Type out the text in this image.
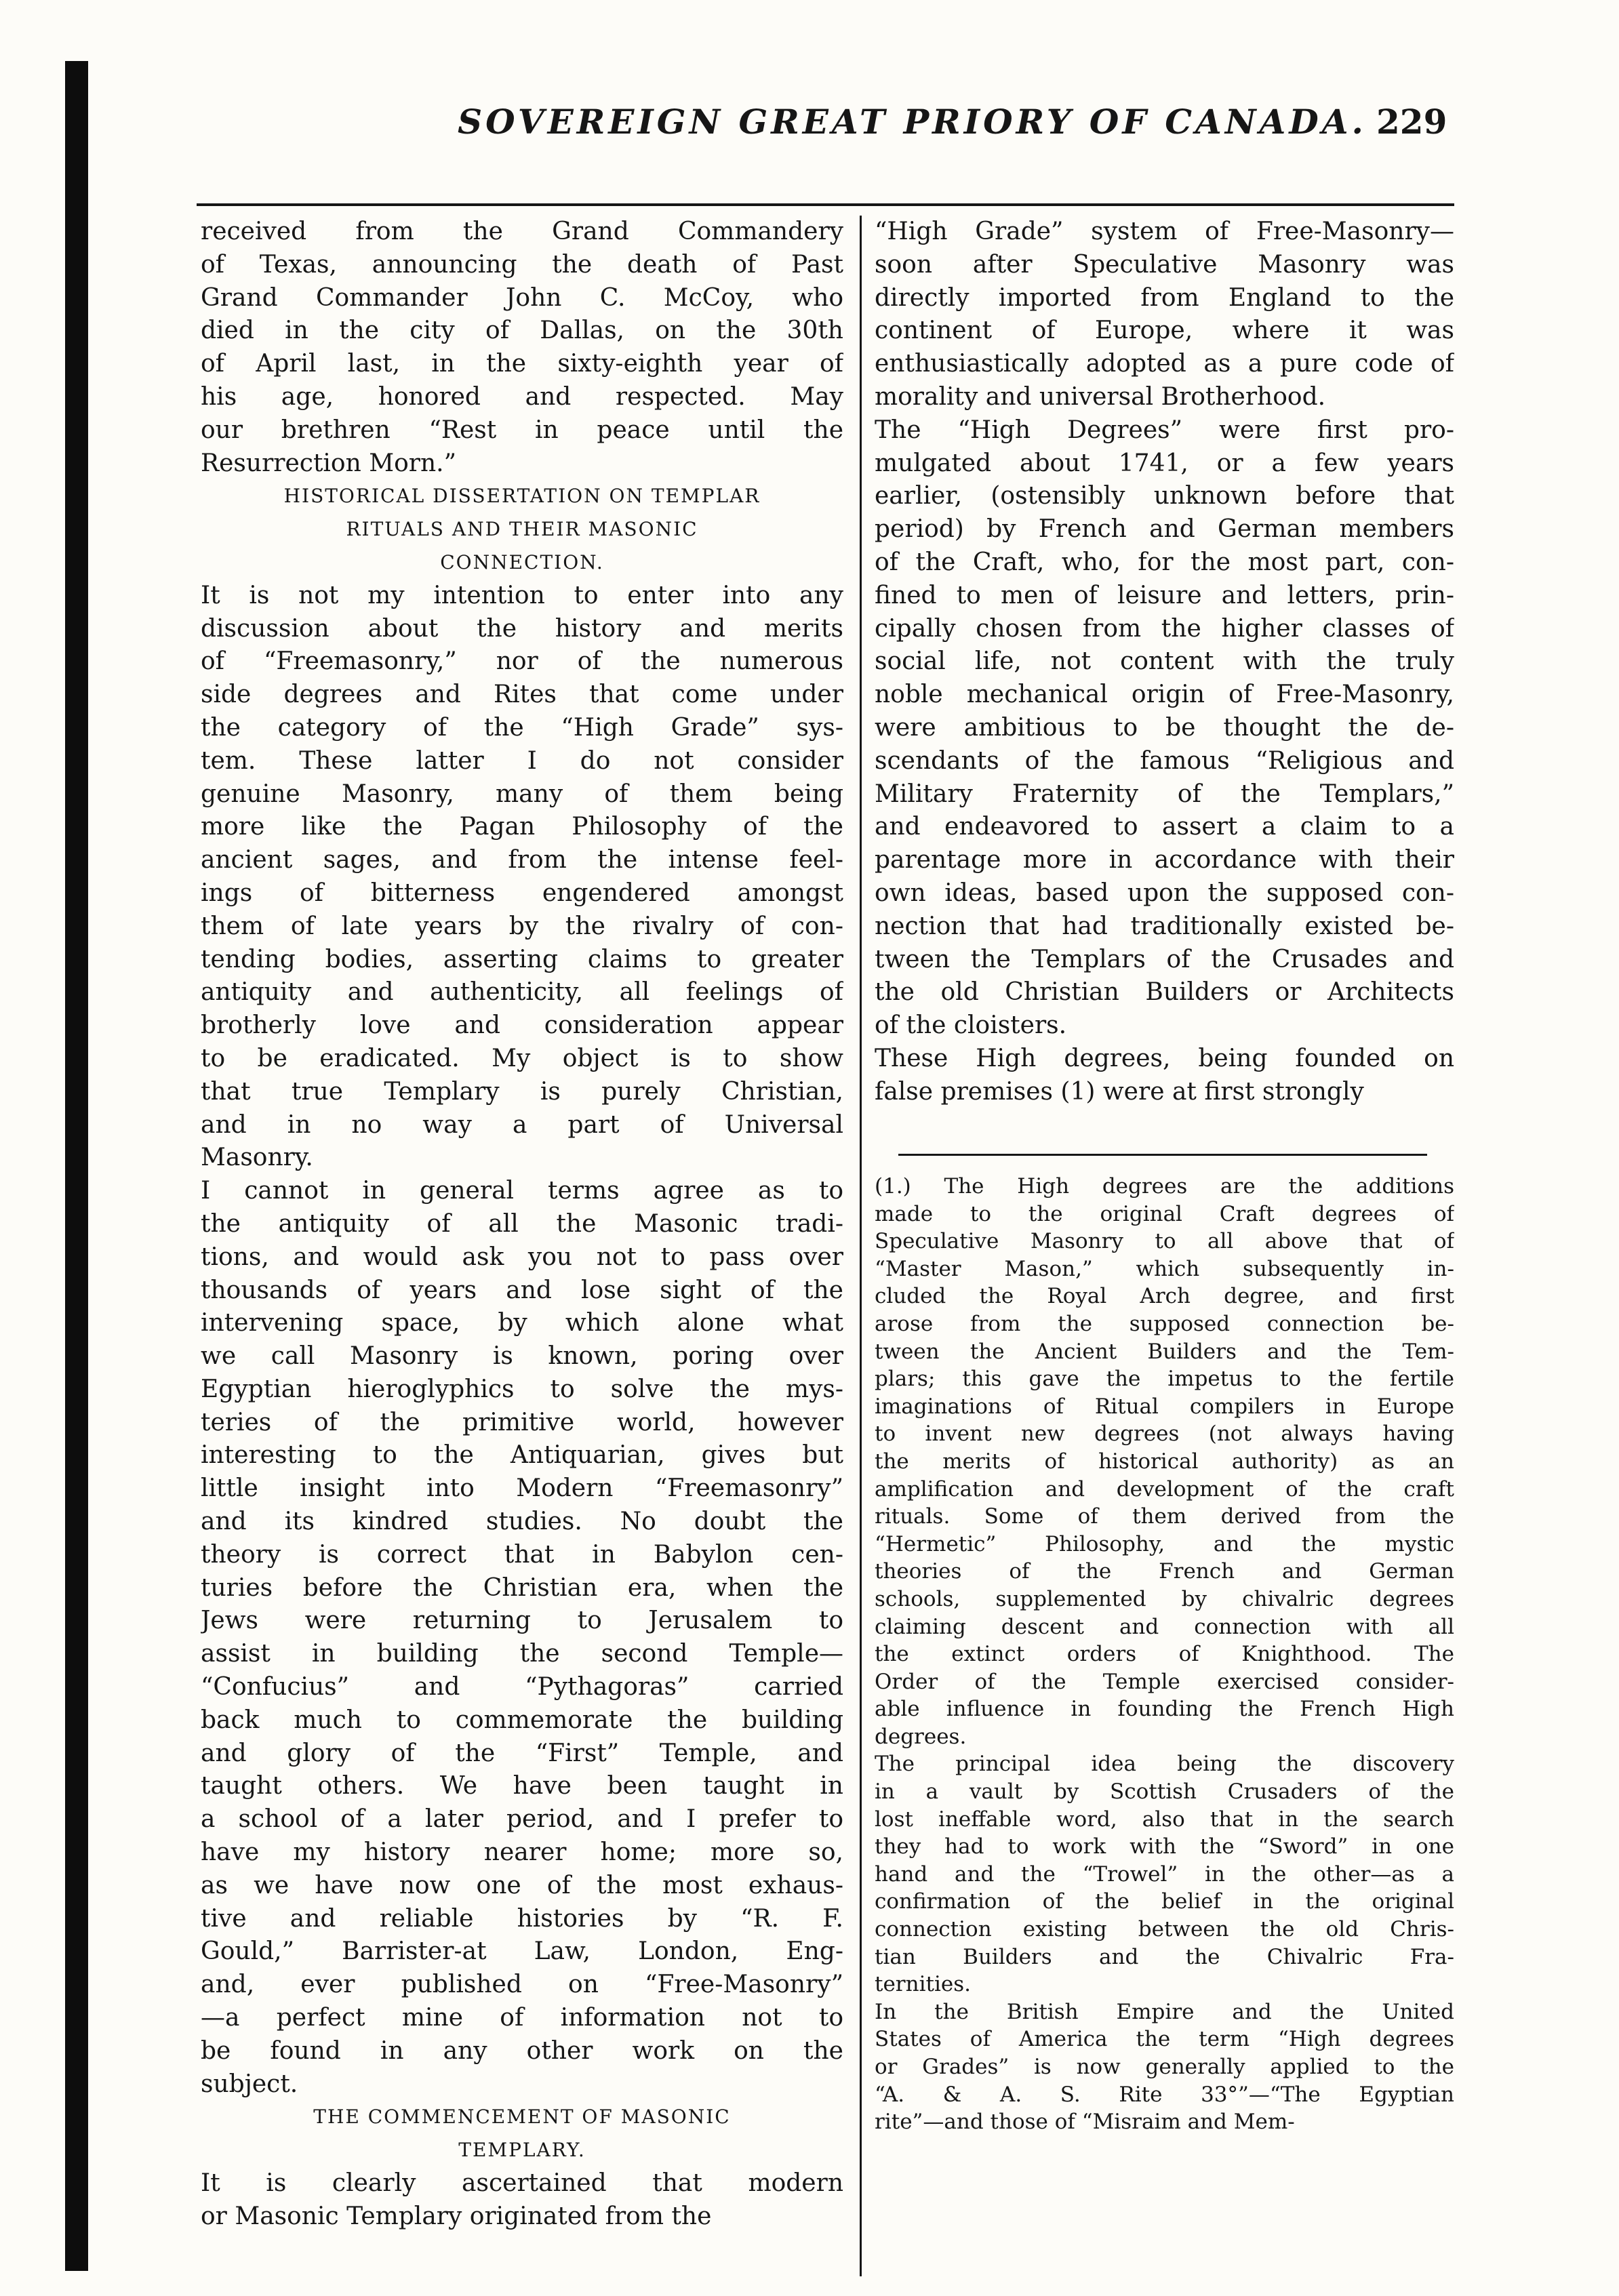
SOVEREIGN GREAT PRIORY OF CANADA. 229
received from the Grand Commandery
of Texas, announcing the death of Past
Grand Commander John C. McCoy, who
died in the city of Dallas, on the 30th
of April last, in the sixty-eighth year of
his age, honored and respected. May
our brethren “Rest in peace until the
Resurrection Morn.”
HISTORICAL DISSERTATION ON TEMPLAR
RITUALS AND THEIR MASONIC
CONNECTION.
It is not my intention to enter into any
discussion about the history and merits
of “Freemasonry,” nor of the numerous
side degrees and Rites that come under
the category of the “High Grade” sys-
tem. These latter I do not consider
genuine Masonry, many of them being
more like the Pagan Philosophy of the
ancient sages, and from the intense feel-
ings of bitterness engendered amongst
them of late years by the rivalry of con-
tending bodies, asserting claims to greater
antiquity and authenticity, all feelings of
brotherly love and consideration appear
to be eradicated. My object is to show
that true Templary is purely Christian,
and in no way a part of Universal
Masonry.
I cannot in general terms agree as to
the antiquity of all the Masonic tradi-
tions, and would ask you not to pass over
thousands of years and lose sight of the
intervening space, by which alone what
we call Masonry is known, poring over
Egyptian hieroglyphics to solve the mys-
teries of the primitive world, however
interesting to the Antiquarian, gives but
little insight into Modern “Freemasonry”
and its kindred studies. No doubt the
theory is correct that in Babylon cen-
turies before the Christian era, when the
Jews were returning to Jerusalem to
assist in building the second Temple—
“Confucius” and “Pythagoras” carried
back much to commemorate the building
and glory of the “First” Temple, and
taught others. We have been taught in
a school of a later period, and I prefer to
have my history nearer home; more so,
as we have now one of the most exhaus-
tive and reliable histories by “R. F.
Gould,” Barrister-at Law, London, Eng-
and, ever published on “Free-Masonry”
—a perfect mine of information not to
be found in any other work on the
subject.
THE COMMENCEMENT OF MASONIC
TEMPLARY.
It is clearly ascertained that modern
or Masonic Templary originated from the
“High Grade” system of Free-Masonry—
soon after Speculative Masonry was
directly imported from England to the
continent of Europe, where it was
enthusiastically adopted as a pure code of
morality and universal Brotherhood.
The “High Degrees” were first pro-
mulgated about 1741, or a few years
earlier, (ostensibly unknown before that
period) by French and German members
of the Craft, who, for the most part, con-
fined to men of leisure and letters, prin-
cipally chosen from the higher classes of
social life, not content with the truly
noble mechanical origin of Free-Masonry,
were ambitious to be thought the de-
scendants of the famous “Religious and
Military Fraternity of the Templars,”
and endeavored to assert a claim to a
parentage more in accordance with their
own ideas, based upon the supposed con-
nection that had traditionally existed be-
tween the Templars of the Crusades and
the old Christian Builders or Architects
of the cloisters.
These High degrees, being founded on
false premises (1) were at first strongly
(1.) The High degrees are the additions
made to the original Craft degrees of
Speculative Masonry to all above that of
“Master Mason,” which subsequently in-
cluded the Royal Arch degree, and first
arose from the supposed connection be-
tween the Ancient Builders and the Tem-
plars; this gave the impetus to the fertile
imaginations of Ritual compilers in Europe
to invent new degrees (not always having
the merits of historical authority) as an
amplification and development of the craft
rituals. Some of them derived from the
“Hermetic” Philosophy, and the mystic
theories of the French and German
schools, supplemented by chivalric degrees
claiming descent and connection with all
the extinct orders of Knighthood. The
Order of the Temple exercised consider-
able influence in founding the French High
degrees.
The principal idea being the discovery
in a vault by Scottish Crusaders of the
lost ineffable word, also that in the search
they had to work with the “Sword” in one
hand and the “Trowel” in the other—as a
confirmation of the belief in the original
connection existing between the old Chris-
tian Builders and the Chivalric Fra-
ternities.
In the British Empire and the United
States of America the term “High degrees
or Grades” is now generally applied to the
“A. & A. S. Rite 33°”—“The Egyptian
rite”—and those of “Misraim and Mem-
